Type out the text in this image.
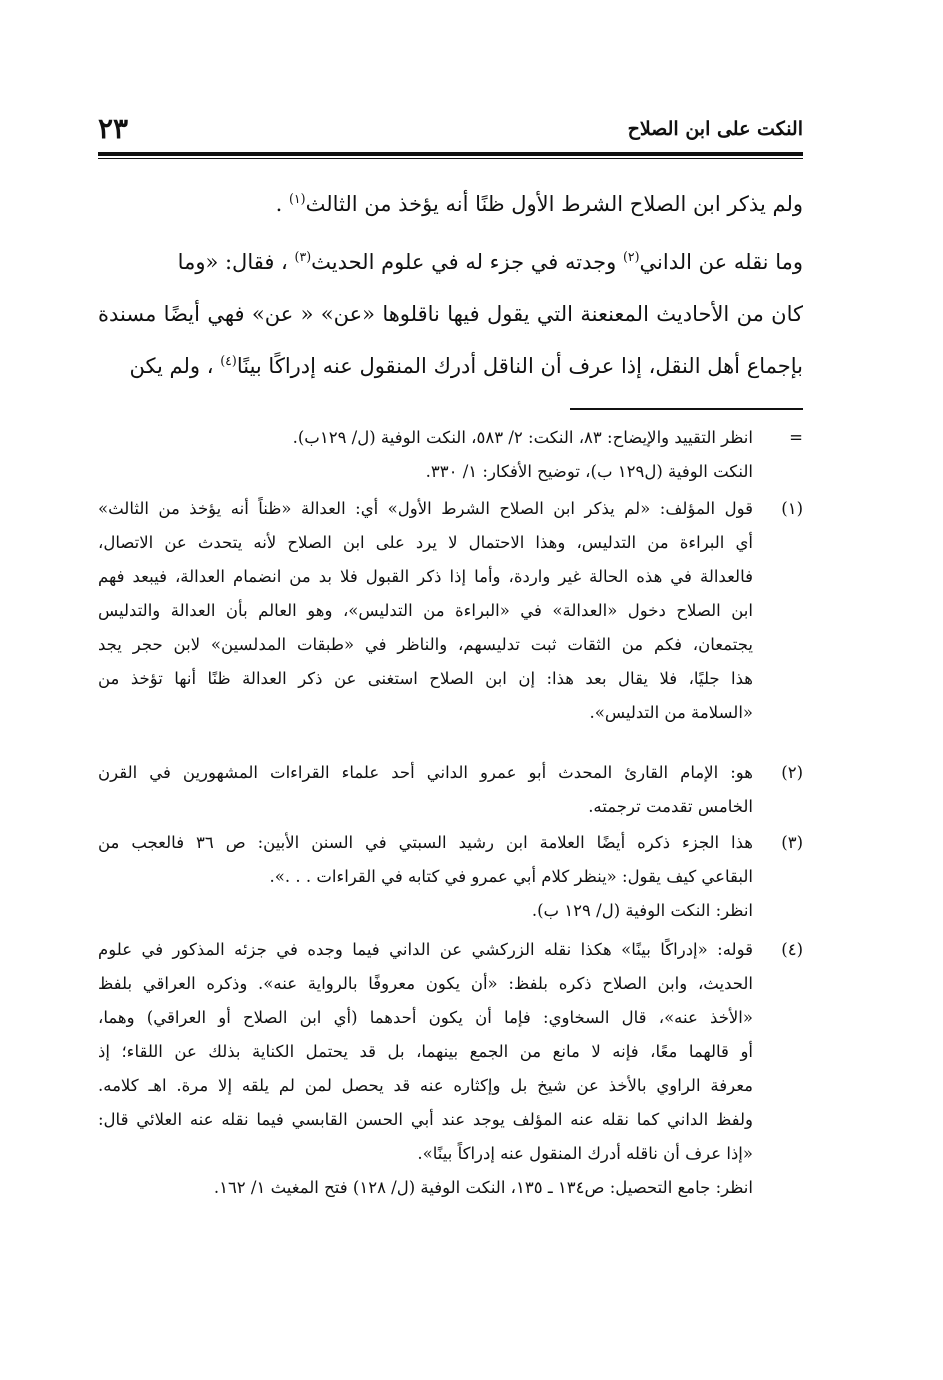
النكت على ابن الصلاح
٢٣
ولم يذكر ابن الصلاح الشرط الأول ظنًا أنه يؤخذ من الثالث$^{(١)}$ .
وما نقله عن الداني$^{(٢)}$ وجدته في جزء له في علوم الحديث$^{(٣)}$ ، فقال: «وما
كان من الأحاديث المعنعنة التي يقول فيها ناقلوها «عن» « عن» فهي أيضًا مسندة
بإجماع أهل النقل، إذا عرف أن الناقل أدرك المنقول عنه إدراكًا بينًا$^{(٤)}$ ، ولم يكن
=
انظر التقييد والإيضاح: ٨٣، النكت: ٢/ ٥٨٣، النكت الوفية (ل/ ١٢٩ب).
النكت الوفية (ل١٢٩ ب)، توضيح الأفكار: ١/ ٣٣٠.
(١)
قول المؤلف: «لم يذكر ابن الصلاح الشرط الأول» أي: العدالة «ظناً أنه يؤخذ من الثالث»
أي البراءة من التدليس، وهذا الاحتمال لا يرد على ابن الصلاح لأنه يتحدث عن الاتصال،
فالعدالة في هذه الحالة غير واردة، وأما إذا ذكر القبول فلا بد من انضمام العدالة، فيبعد فهم
ابن الصلاح دخول «العدالة» في «البراءة من التدليس»، وهو العالم بأن العدالة والتدليس
يجتمعان، فكم من الثقات ثبت تدليسهم، والناظر في «طبقات المدلسين» لابن حجر يجد
هذا جليًا، فلا يقال بعد هذا: إن ابن الصلاح استغنى عن ذكر العدالة ظنًا أنها تؤخذ من
«السلامة من التدليس».
(٢)
هو: الإمام القارئ المحدث أبو عمرو الداني أحد علماء القراءات المشهورين في القرن
الخامس تقدمت ترجمته.
(٣)
هذا الجزء ذكره أيضًا العلامة ابن رشيد السبتي في السنن الأبين: ص ٣٦ فالعجب من
البقاعي كيف يقول: «ينظر كلام أبي عمرو في كتابه في القراءات . . .».
انظر: النكت الوفية (ل/ ١٢٩ ب).
(٤)
قوله: «إدراكًا بينًا» هكذا نقله الزركشي عن الداني فيما وجده في جزئه المذكور في علوم
الحديث، وابن الصلاح ذكره بلفظ: «أن يكون معروفًا بالرواية عنه». وذكره العراقي بلفظ
«الأخذ عنه»، قال السخاوي: فإما أن يكون أحدهما (أي ابن الصلاح أو العراقي) وهما،
أو قالهما معًا، فإنه لا مانع من الجمع بينهما، بل قد يحتمل الكناية بذلك عن اللقاء؛ إذ
معرفة الراوي بالأخذ عن شيخ بل وإكثاره عنه قد يحصل لمن لم يلقه إلا مرة. اهـ كلامه.
ولفظ الداني كما نقله عنه المؤلف يوجد عند أبي الحسن القابسي فيما نقله عنه العلائي قال:
«إذا عرف أن ناقله أدرك المنقول عنه إدراكاً بينًا».
انظر: جامع التحصيل: ص١٣٤ ـ ١٣٥، النكت الوفية (ل/ ١٢٨) فتح المغيث ١/ ١٦٢.
